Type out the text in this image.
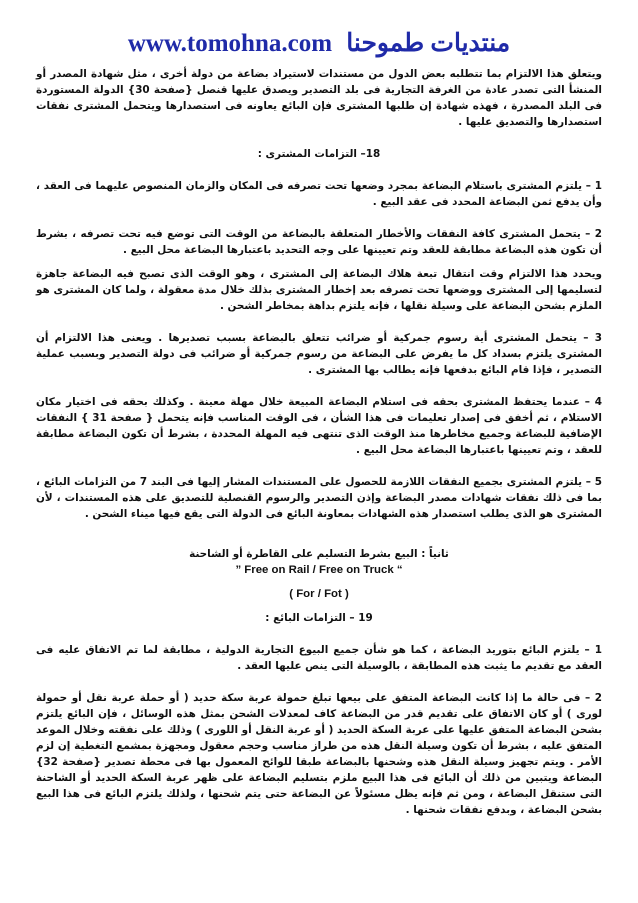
www.tomohna.com منتديات طموحنا

ويتعلق هذا الالتزام بما تتطلبه بعض الدول من مستندات لاستيراد بضاعة من دولة أخرى ، مثل شهادة المصدر أو المنشأ التى تصدر عادة من الغرفة التجارية فى بلد التصدير ويصدق عليها قنصل {صفحة 30} الدولة المستوردة فى البلد المصدرة ، فهذه شهادة إن طلبها المشترى فإن البائع يعاونه فى استصدارها ويتحمل المشترى نفقات استصدارها والتصديق عليها .

18– التزامات المشترى :

1 – يلتزم المشترى باستلام البضاعة بمجرد وضعها تحت تصرفه فى المكان والزمان المنصوص عليهما فى العقد ، وأن يدفع ثمن البضاعة المحدد فى عقد البيع .

2 – يتحمل المشترى كافة النفقات والأخطار المتعلقة بالبضاعة من الوقت التى توضع فيه تحت تصرفه ، بشرط أن تكون هذه البضاعة مطابقة للعقد وتم تعيينها على وجه التحديد باعتبارها البضاعة محل البيع .

ويحدد هذا الالتزام وقت انتقال تبعة هلاك البضاعة إلى المشترى ، وهو الوقت الذى تصبح فيه البضاعة جاهزة لتسليمها إلى المشترى ووضعها تحت تصرفه بعد إخطار المشترى بذلك خلال مدة معقولة ، ولما كان المشترى هو الملزم بشحن البضاعة على وسيلة نقلها ، فإنه يلتزم بداهة بمخاطر الشحن .

3 – يتحمل المشترى أية رسوم جمركية أو ضرائب تتعلق بالبضاعة بسبب تصديرها . ويعنى هذا الالتزام أن المشترى يلتزم بسداد كل ما يفرض على البضاعة من رسوم جمركية أو ضرائب فى دولة التصدير وبسبب عملية التصدير ، فإذا قام البائع بدفعها فإنه يطالب بها المشترى .

4 – عندما يحتفظ المشترى بحقه فى استلام البضاعة المبيعة خلال مهلة معينة . وكذلك بحقه فى اختيار مكان الاستلام ، ثم أخفق فى إصدار تعليمات فى هذا الشأن ، فى الوقت المناسب فإنه يتحمل { صفحة 31 } النفقات الإضافية للبضاعة وجميع مخاطرها منذ الوقت الذى تنتهى فيه المهلة المحددة ، بشرط أن تكون البضاعة مطابقة للعقد ، وتم تعيينها باعتبارها البضاعة محل البيع .

5 – يلتزم المشترى بجميع النفقات اللازمة للحصول على المستندات المشار إليها فى البند 7 من التزامات البائع ، بما فى ذلك نفقات شهادات مصدر البضاعة وإذن التصدير والرسوم القنصلية للتصديق على هذه المستندات ، لأن المشترى هو الذى يطلب استصدار هذه الشهادات بمعاونة البائع فى الدولة التى يقع فيها ميناء الشحن .

ثانياً : البيع بشرط التسليم على القاطرة أو الشاحنة

” Free on Rail / Free on Truck “

( For / Fot )

19 – التزامات البائع :

1 – يلتزم البائع بتوريد البضاعة ، كما هو شأن جميع البيوع التجارية الدولية ، مطابقة لما تم الاتفاق عليه فى العقد مع تقديم ما يثبت هذه المطابقة ، بالوسيلة التى ينص عليها العقد .

2 – فى حالة ما إذا كانت البضاعة المتفق على بيعها تبلغ حمولة عربة سكة حديد ( أو حملة عربة نقل أو حمولة لورى ) أو كان الاتفاق على تقديم قدر من البضاعة كاف لمعدلات الشحن بمثل هذه الوسائل ، فإن البائع يلتزم بشحن البضاعة المتفق عليها على عربة السكة الحديد ( أو عربة النقل أو اللورى ) وذلك على نفقته وخلال الموعد المتفق عليه ، بشرط أن تكون وسيلة النقل هذه من طراز مناسب وحجم معقول ومجهزة بمشمع التغطية إن لزم الأمر . ويتم تجهيز وسيلة النقل هذه وشحنها بالبضاعة طبقا للوائح المعمول بها فى محطة تصدير {صفحة 32} البضاعة ويتبين من ذلك أن البائع فى هذا البيع ملزم بتسليم البضاعة على ظهر عربة السكة الحديد أو الشاحنة التى ستنقل البضاعة ، ومن ثم فإنه يظل مسئولاً عن البضاعة حتى يتم شحنها ، ولذلك يلتزم البائع فى هذا البيع بشحن البضاعة ، وبدفع نفقات شحنها .
